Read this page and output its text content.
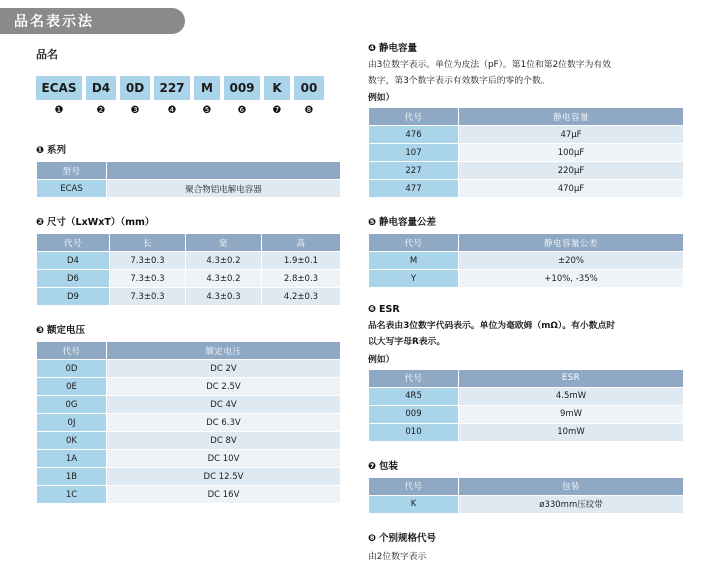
品名表示法
品名
ECAS	D4	0D	227	M	009	K	00
❶	❷	❸	❹	❺	❻	❼	❽
❶ 系列
型号	
ECAS	聚合物铝电解电容器
❷ 尺寸（LxWxT）（mm）
代号	长	宽	高
D4	7.3±0.3	4.3±0.2	1.9±0.1
D6	7.3±0.3	4.3±0.2	2.8±0.3
D9	7.3±0.3	4.3±0.3	4.2±0.3
❸ 额定电压
代号	额定电压
0D	DC 2V
0E	DC 2.5V
0G	DC 4V
0J	DC 6.3V
0K	DC 8V
1A	DC 10V
1B	DC 12.5V
1C	DC 16V
❹ 静电容量

由3位数字表示。单位为皮法（pF）。第1位和第2位数字为有效

数字，第3个数字表示有效数字后的零的个数。

例如）
代号	静电容量
476	47µF
107	100µF
227	220µF
477	470µF
❺ 静电容量公差
代号	静电容量公差
M	±20%
Y	+10%, -35%
❻ ESR

品名表由3位数字代码表示。单位为毫欧姆（mΩ）。有小数点时

以大写字母R表示。

例如）
代号	ESR
4R5	4.5mW
009	9mW
010	10mW
❼ 包装
代号	包装
K	ø330mm压纹带
❽ 个别规格代号
由2位数字表示
